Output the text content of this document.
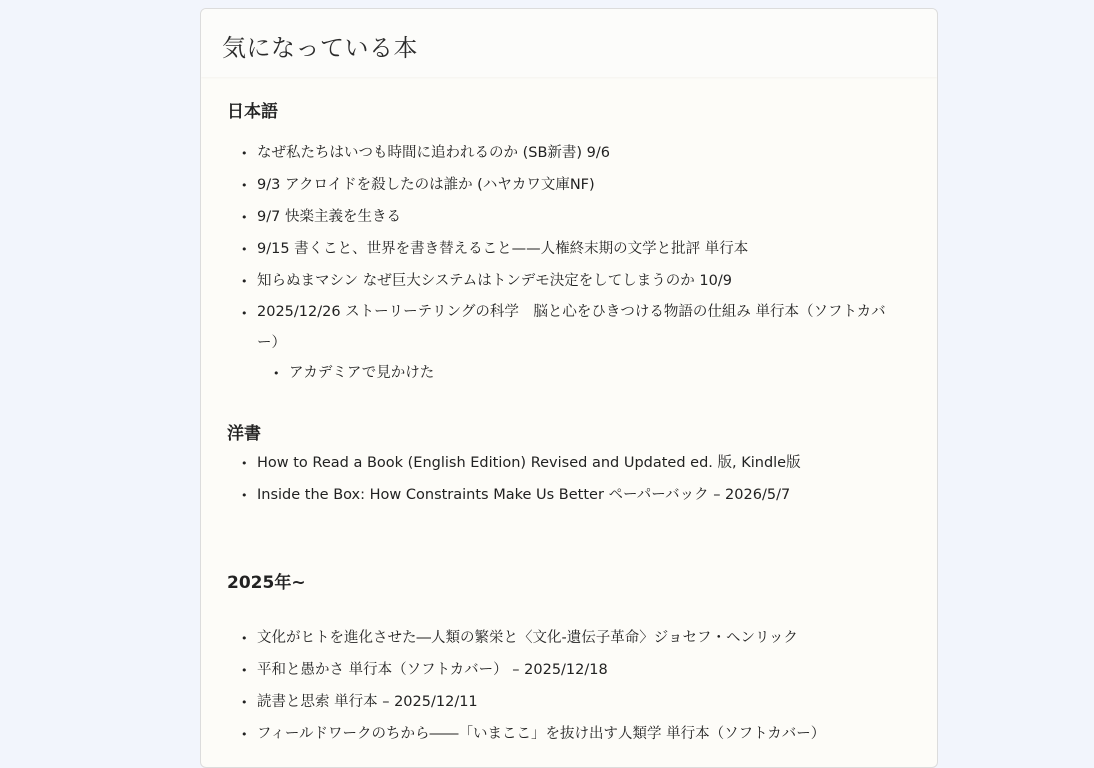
気になっている本
日本語
• なぜ私たちはいつも時間に追われるのか (SB新書) 9/6
• 9/3 アクロイドを殺したのは誰か (ハヤカワ文庫NF)
• 9/7 快楽主義を生きる
• 9/15 書くこと、世界を書き替えること——人権終末期の文学と批評 単行本
• 知らぬまマシン なぜ巨大システムはトンデモ決定をしてしまうのか 10/9
• 2025/12/26 ストーリーテリングの科学　脳と心をひきつける物語の仕組み 単行本（ソフトカバー）
• アカデミアで見かけた
洋書
• How to Read a Book (English Edition) Revised and Updated ed. 版, Kindle版
• Inside the Box: How Constraints Make Us Better ペーパーバック – 2026/5/7
2025年~
• 文化がヒトを進化させた―人類の繁栄と〈文化-遺伝子革命〉ジョセフ・ヘンリック
• 平和と愚かさ 単行本（ソフトカバー） – 2025/12/18
• 読書と思索 単行本 – 2025/12/11
• フィールドワークのちから――「いまここ」を抜け出す人類学 単行本（ソフトカバー）
